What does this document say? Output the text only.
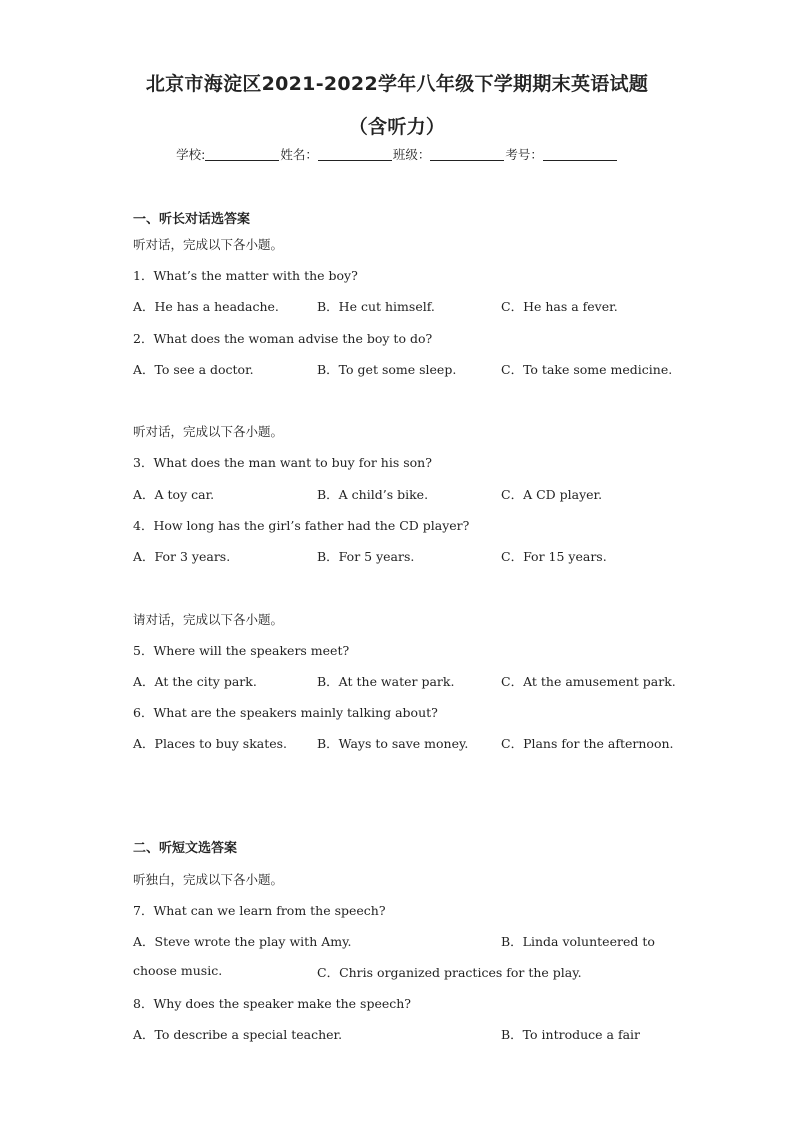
北京市海淀区2021-2022学年八年级下学期期末英语试题
（含听力）
学校:	姓名：	班级：	考号：
一、听长对话选答案
听对话，完成以下各小题。
1．What’s the matter with the boy?
A．He has a headache.	B．He cut himself.	C．He has a fever.
2．What does the woman advise the boy to do?
A．To see a doctor.	B．To get some sleep.	C．To take some medicine.
听对话，完成以下各小题。
3．What does the man want to buy for his son?
A．A toy car.	B．A child’s bike.	C．A CD player.
4．How long has the girl’s father had the CD player?
A．For 3 years.	B．For 5 years.	C．For 15 years.
请对话，完成以下各小题。
5．Where will the speakers meet?
A．At the city park.	B．At the water park.	C．At the amusement park.
6．What are the speakers mainly talking about?
A．Places to buy skates. B．Ways to save money.	C．Plans for the afternoon.
二、听短文选答案
听独白，完成以下各小题。
7．What can we learn from the speech?
A．Steve wrote the play with Amy.	B．Linda volunteered to
choose music.	C．Chris organized practices for the play.
8．Why does the speaker make the speech?
A．To describe a special teacher.	B．To introduce a fair
